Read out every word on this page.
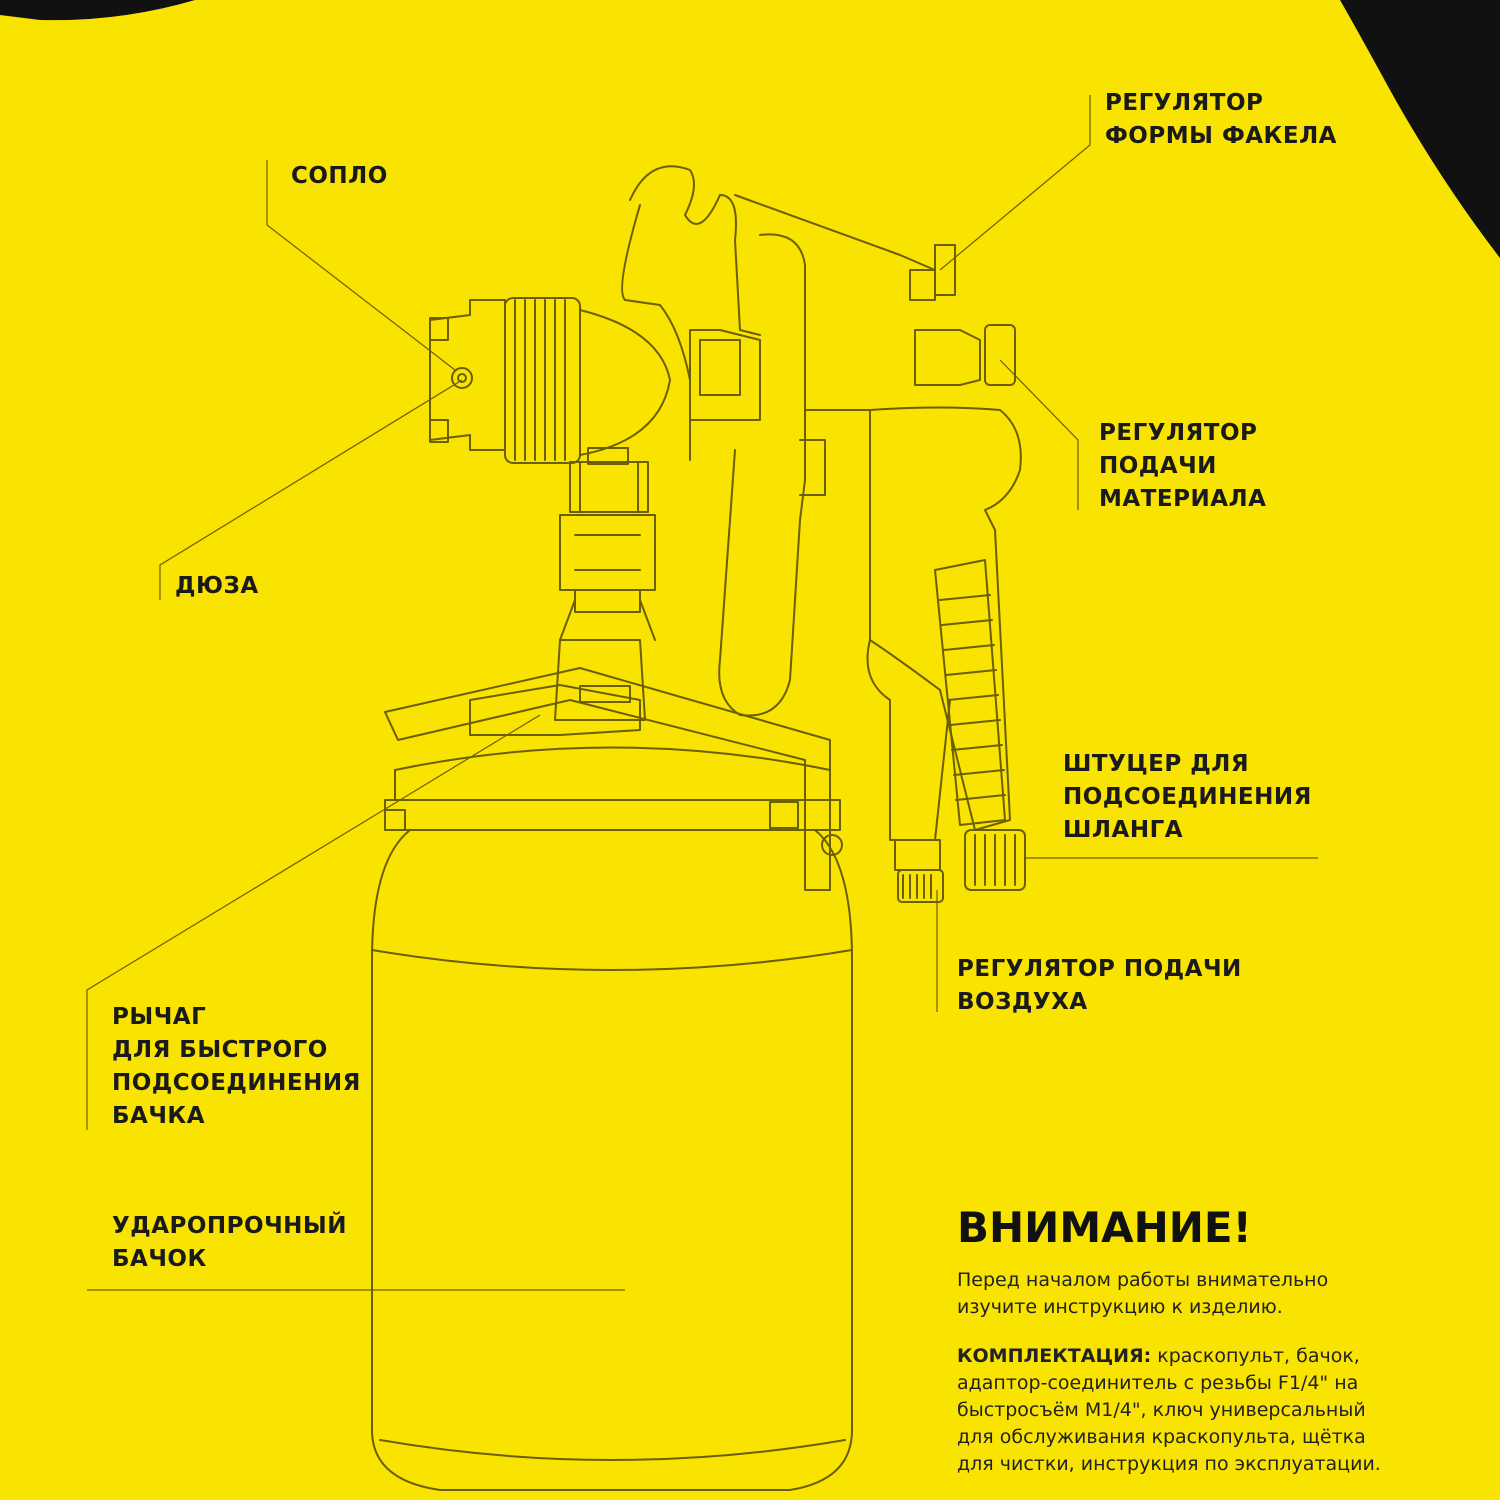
СОПЛО

ДЮЗА

РЕГУЛЯТОР
ФОРМЫ ФАКЕЛА

РЕГУЛЯТОР
ПОДАЧИ
МАТЕРИАЛА

ШТУЦЕР ДЛЯ
ПОДСОЕДИНЕНИЯ
ШЛАНГА

РЕГУЛЯТОР ПОДАЧИ
ВОЗДУХА

РЫЧАГ
ДЛЯ БЫСТРОГО
ПОДСОЕДИНЕНИЯ
БАЧКА

УДАРОПРОЧНЫЙ
БАЧОК

ВНИМАНИЕ!

Перед началом работы внимательно
изучите инструкцию к изделию.

КОМПЛЕКТАЦИЯ: краскопульт, бачок,
адаптор-соединитель с резьбы F1/4" на
быстросъём M1/4", ключ универсальный
для обслуживания краскопульта, щётка
для чистки, инструкция по эксплуатации.
